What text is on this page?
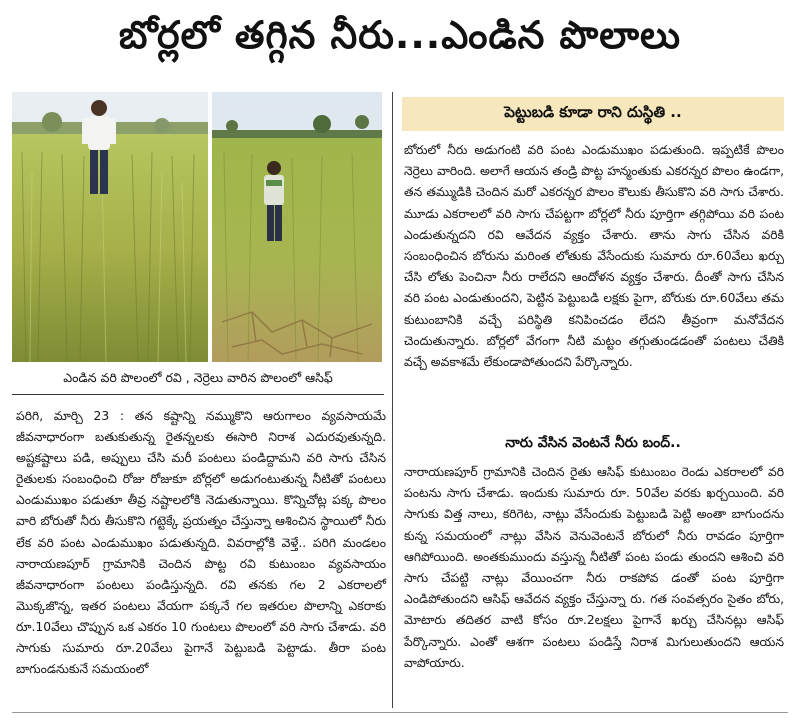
బోర్లలో తగ్గిన నీరు...ఎండిన పొలాలు
ఎండిన వరి పొలంలో రవి , నెర్రెలు వారిన పొలంలో ఆసిఫ్
పరిగి, మార్చి 23 : తన కష్టాన్ని నమ్ముకొని ఆరుగాలం వ్యవసాయమే జీవనాధారంగా బతుకుతున్న రైతన్నలకు ఈసారి నిరాశ ఎదురవుతున్నది. అష్టకష్టాలు పడి, అప్పులు చేసి మరీ పంటలు పండిద్దామని వరి సాగు చేసిన రైతులకు సంబంధించి రోజు రోజుకూ బోర్లలో అడుగంటుతున్న నీటితో పంటలు ఎండుముఖం పడుతూ తీవ్ర నష్టాలలోకి నెడుతున్నాయి. కొన్నిచోట్ల పక్క పొలం వారి బోరుతో నీరు తీసుకొని గట్టెక్కే ప్రయత్నం చేస్తున్నా ఆశించిన స్థాయిలో నీరు లేక వరి పంట ఎండుముఖం పడుతున్నది. వివరాల్లోకి వెళ్తే.. పరిగి మండలం నారాయణపూర్ గ్రామానికి చెందిన పొట్ట రవి కుటుంబం వ్యవసాయం జీవనాధారంగా పంటలు పండిస్తున్నది. రవి తనకు గల 2 ఎకరాలలో మొక్కజొన్న, ఇతర పంటలు వేయగా పక్కనే గల ఇతరుల పొలాన్ని ఎకరాకు రూ.10వేలు చొప్పున ఒక ఎకరం 10 గుంటలు పొలంలో వరి సాగు చేశాడు. వరి సాగుకు సుమారు రూ.20వేలు పైగానే పెట్టుబడి పెట్టాడు. తీరా పంట బాగుండనుకునే సమయంలో
పెట్టుబడి కూడా రాని దుస్థితి ..
బోరులో నీరు అడుగంటి వరి పంట ఎండుముఖం పడుతుంది. ఇప్పటికే పొలం నెర్రెలు వారింది. అలాగే ఆయన తండ్రి పొట్ట హన్మంతుకు ఎకరన్నర పొలం ఉండగా, తన తమ్ముడికి చెందిన మరో ఎకరన్నర పొలం కౌలుకు తీసుకొని వరి సాగు చేశారు. మూడు ఎకరాలలో వరి సాగు చేపట్టగా బోర్లలో నీరు పూర్తిగా తగ్గిపోయి వరి పంట ఎండుతున్నదని రవి ఆవేదన వ్యక్తం చేశారు. తాను సాగు చేసిన వరికి సంబంధించిన బోరును మరింత లోతుకు వేసేందుకు సుమారు రూ.60వేలు ఖర్చు చేసి లోతు పెంచినా నీరు రాలేదని ఆందోళన వ్యక్తం చేశారు. దీంతో సాగు చేసిన వరి పంట ఎండుతుందని, పెట్టిన పెట్టుబడి లక్షకు పైగా, బోరుకు రూ.60వేలు తమ కుటుంబానికి వచ్చే పరిస్థితి కనిపించడం లేదని తీవ్రంగా మనోవేదన చెందుతున్నారు. బోర్లలో వేగంగా నీటి మట్టం తగ్గుతుండడంతో పంటలు చేతికి వచ్చే అవకాశమే లేకుండాపోతుందని పేర్కొన్నారు.
నారు వేసిన వెంటనే నీరు బంద్..
నారాయణపూర్ గ్రామానికి చెందిన రైతు ఆసిఫ్ కుటుంబం రెండు ఎకరాలలో వరి పంటను సాగు చేశాడు. ఇందుకు సుమారు రూ. 50వేల వరకు ఖర్చయింది. వరి సాగుకు విత్త నాలు, కరిగెట, నాట్లు వేసేందుకు పెట్టుబడి పెట్టి అంతా బాగుందను కున్న సమయంలో నాట్లు వేసిన వెనువెంటనే బోరులో నీరు రావడం పూర్తిగా ఆగిపోయింది. అంతకుముందు వస్తున్న నీటితో పంట పండు తుందని ఆశించి వరి సాగు చేపట్టి నాట్లు వేయించగా నీరు రాకపోవ డంతో పంట పూర్తిగా ఎండిపోతుందని ఆసిఫ్ ఆవేదన వ్యక్తం చేస్తున్నా రు. గత సంవత్సరం సైతం బోరు, మోటారు తదితర వాటి కోసం రూ.2లక్షలు పైగానే ఖర్చు చేసినట్లు ఆసిఫ్ పేర్కొన్నారు. ఎంతో ఆశగా పంటలు పండిస్తే నిరాశ మిగులుతుందని ఆయన వాపోయారు.
